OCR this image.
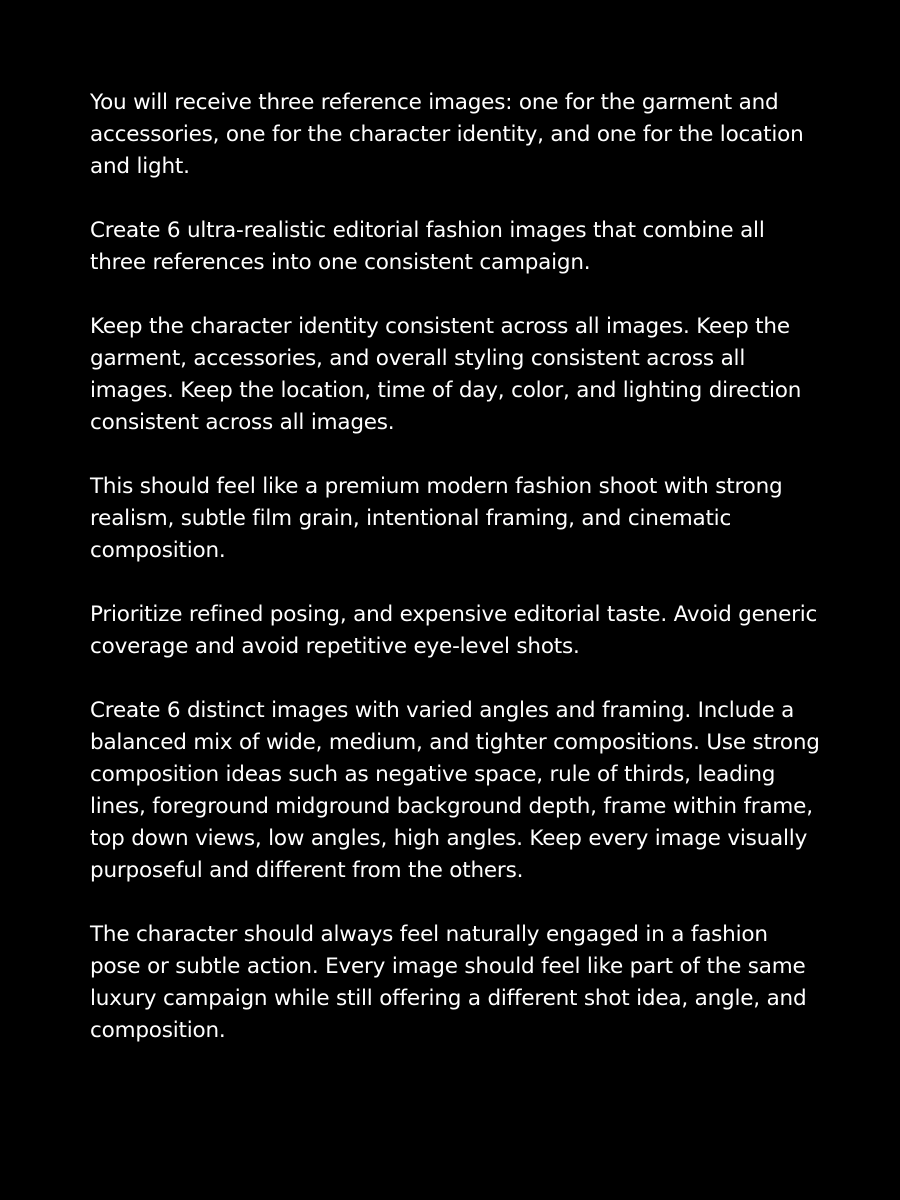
You will receive three reference images: one for the garment and accessories, one for the character identity, and one for the location and light.

Create 6 ultra-realistic editorial fashion images that combine all three references into one consistent campaign.

Keep the character identity consistent across all images. Keep the garment, accessories, and overall styling consistent across all images. Keep the location, time of day, color, and lighting direction consistent across all images.

This should feel like a premium modern fashion shoot with strong realism, subtle film grain, intentional framing, and cinematic composition.

Prioritize refined posing, and expensive editorial taste. Avoid generic coverage and avoid repetitive eye-level shots.

Create 6 distinct images with varied angles and framing. Include a balanced mix of wide, medium, and tighter compositions. Use strong composition ideas such as negative space, rule of thirds, leading lines, foreground midground background depth, frame within frame, top down views, low angles, high angles. Keep every image visually purposeful and different from the others.

The character should always feel naturally engaged in a fashion pose or subtle action. Every image should feel like part of the same luxury campaign while still offering a different shot idea, angle, and composition.
